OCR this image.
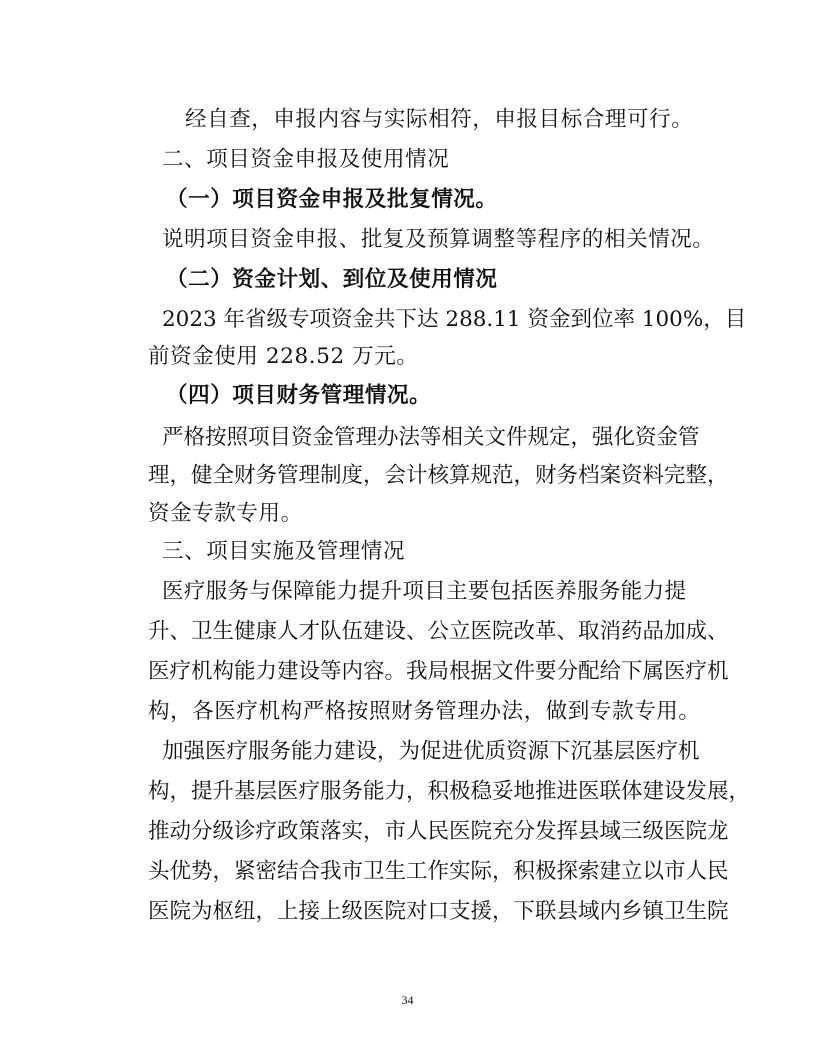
经自查，申报内容与实际相符，申报目标合理可行。
二、项目资金申报及使用情况
（一）项目资金申报及批复情况。
说明项目资金申报、批复及预算调整等程序的相关情况。
（二）资金计划、到位及使用情况
2023 年省级专项资金共下达 288.11 资金到位率 100%，目
前资金使用 228.52 万元。
（四）项目财务管理情况。
严格按照项目资金管理办法等相关文件规定，强化资金管
理，健全财务管理制度，会计核算规范，财务档案资料完整，
资金专款专用。
三、项目实施及管理情况
医疗服务与保障能力提升项目主要包括医养服务能力提
升、卫生健康人才队伍建设、公立医院改革、取消药品加成、
医疗机构能力建设等内容。我局根据文件要分配给下属医疗机
构，各医疗机构严格按照财务管理办法，做到专款专用。
加强医疗服务能力建设，为促进优质资源下沉基层医疗机
构，提升基层医疗服务能力，积极稳妥地推进医联体建设发展，
推动分级诊疗政策落实，市人民医院充分发挥县域三级医院龙
头优势，紧密结合我市卫生工作实际，积极探索建立以市人民
医院为枢纽，上接上级医院对口支援，下联县域内乡镇卫生院
34
